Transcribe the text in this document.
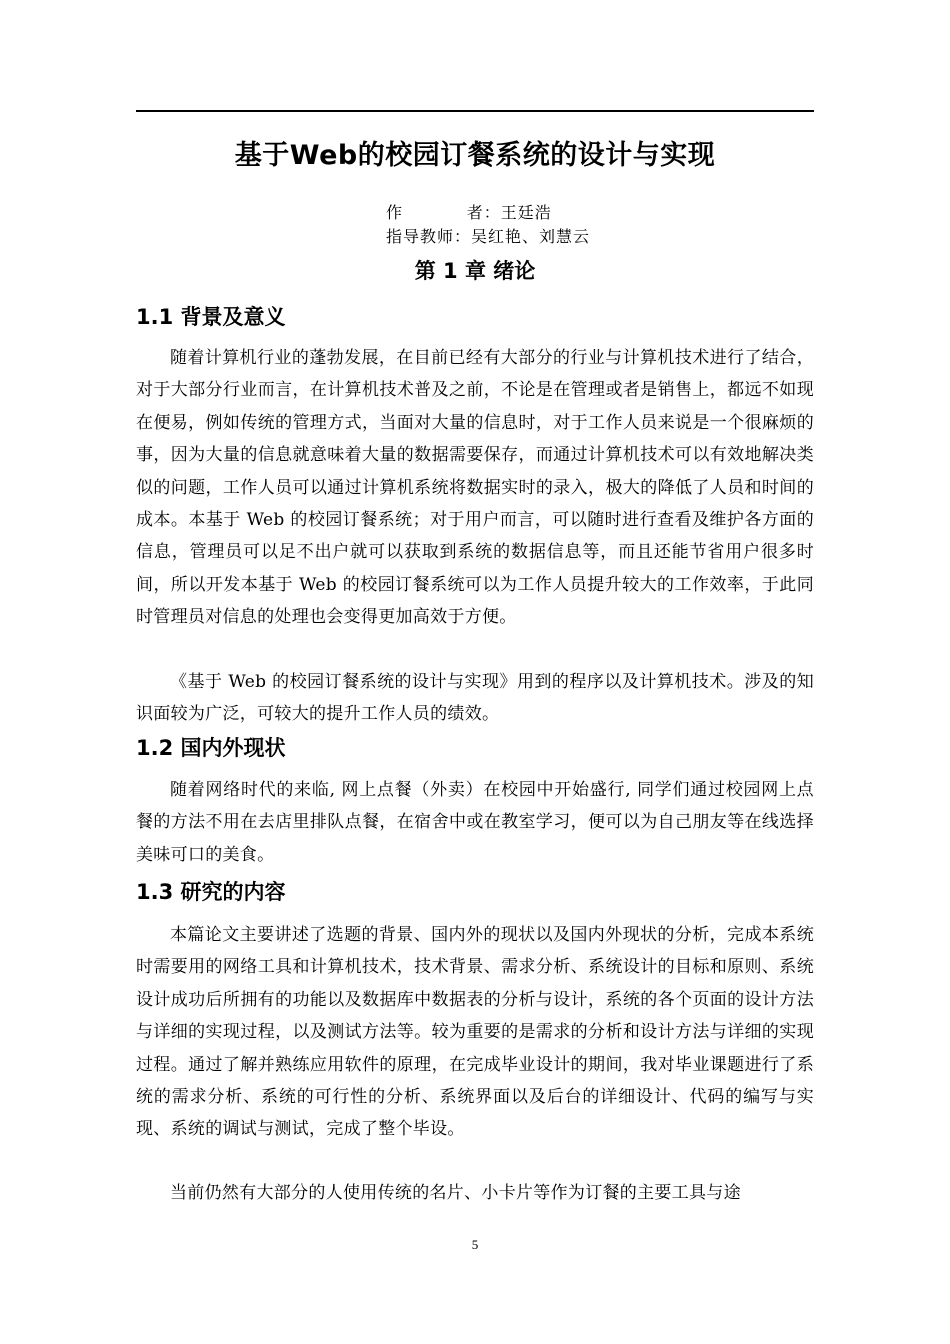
基于Web的校园订餐系统的设计与实现
作      者：王廷浩
指导教师：吴红艳、刘慧云
第 1 章 绪论
1.1 背景及意义

随着计算机行业的蓬勃发展，在目前已经有大部分的行业与计算机技术进行了结合，对于大部分行业而言，在计算机技术普及之前，不论是在管理或者是销售上，都远不如现在便易，例如传统的管理方式，当面对大量的信息时，对于工作人员来说是一个很麻烦的事，因为大量的信息就意味着大量的数据需要保存，而通过计算机技术可以有效地解决类似的问题，工作人员可以通过计算机系统将数据实时的录入，极大的降低了人员和时间的成本。本基于 Web 的校园订餐系统；对于用户而言，可以随时进行查看及维护各方面的信息，管理员可以足不出户就可以获取到系统的数据信息等，而且还能节省用户很多时间，所以开发本基于 Web 的校园订餐系统可以为工作人员提升较大的工作效率，于此同时管理员对信息的处理也会变得更加高效于方便。

《基于 Web 的校园订餐系统的设计与实现》用到的程序以及计算机技术。涉及的知识面较为广泛，可较大的提升工作人员的绩效。

1.2 国内外现状

随着网络时代的来临, 网上点餐（外卖）在校园中开始盛行, 同学们通过校园网上点餐的方法不用在去店里排队点餐，在宿舍中或在教室学习，便可以为自己朋友等在线选择美味可口的美食。

1.3 研究的内容

本篇论文主要讲述了选题的背景、国内外的现状以及国内外现状的分析，完成本系统时需要用的网络工具和计算机技术，技术背景、需求分析、系统设计的目标和原则、系统设计成功后所拥有的功能以及数据库中数据表的分析与设计，系统的各个页面的设计方法与详细的实现过程，以及测试方法等。较为重要的是需求的分析和设计方法与详细的实现过程。通过了解并熟练应用软件的原理，在完成毕业设计的期间，我对毕业课题进行了系统的需求分析、系统的可行性的分析、系统界面以及后台的详细设计、代码的编写与实现、系统的调试与测试，完成了整个毕设。

当前仍然有大部分的人使用传统的名片、小卡片等作为订餐的主要工具与途

5
